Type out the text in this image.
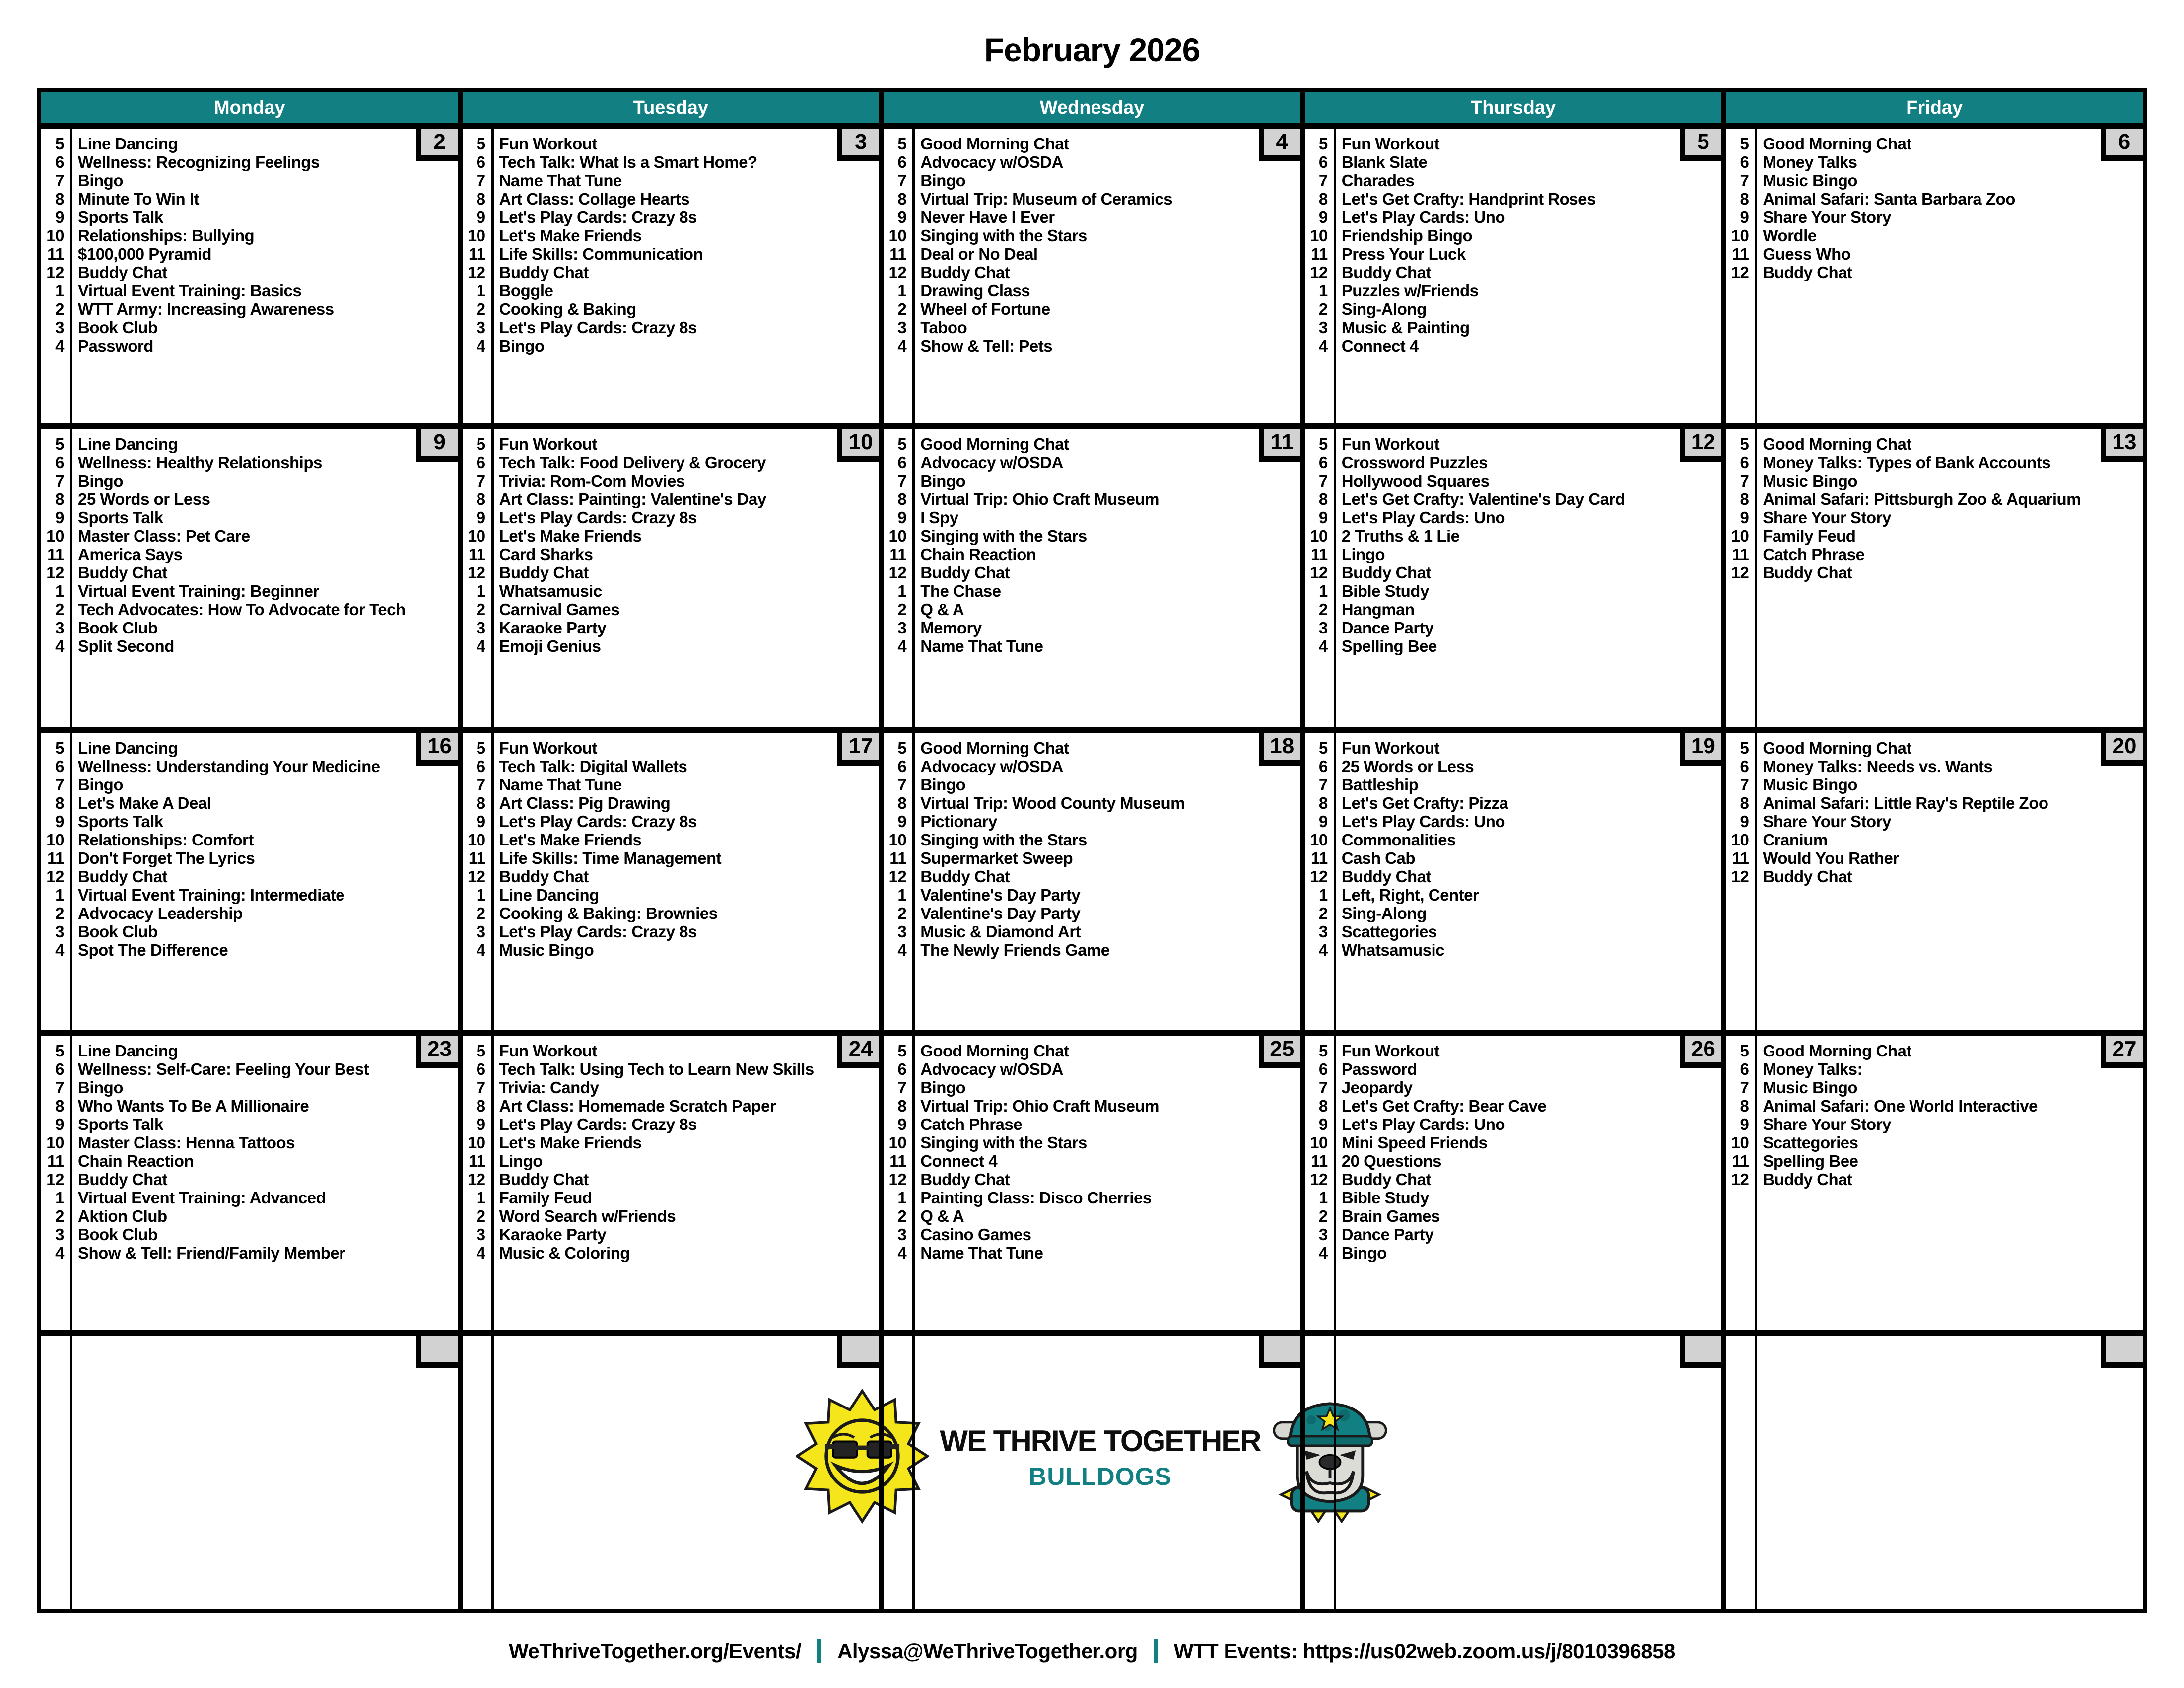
February 2026
WE THRIVE TOGETHER
BULLDOGS
Monday	Tuesday	Wednesday	Thursday	Friday
2
5 Line Dancing
6 Wellness: Recognizing Feelings
7 Bingo
8 Minute To Win It
9 Sports Talk
10 Relationships: Bullying
11 $100,000 Pyramid
12 Buddy Chat
1 Virtual Event Training: Basics
2 WTT Army: Increasing Awareness
3 Book Club
4 Password
3
5 Fun Workout
6 Tech Talk: What Is a Smart Home?
7 Name That Tune
8 Art Class: Collage Hearts
9 Let's Play Cards: Crazy 8s
10 Let's Make Friends
11 Life Skills: Communication
12 Buddy Chat
1 Boggle
2 Cooking & Baking
3 Let's Play Cards: Crazy 8s
4 Bingo
4
5 Good Morning Chat
6 Advocacy w/OSDA
7 Bingo
8 Virtual Trip: Museum of Ceramics
9 Never Have I Ever
10 Singing with the Stars
11 Deal or No Deal
12 Buddy Chat
1 Drawing Class
2 Wheel of Fortune
3 Taboo
4 Show & Tell: Pets
5
5 Fun Workout
6 Blank Slate
7 Charades
8 Let's Get Crafty: Handprint Roses
9 Let's Play Cards: Uno
10 Friendship Bingo
11 Press Your Luck
12 Buddy Chat
1 Puzzles w/Friends
2 Sing-Along
3 Music & Painting
4 Connect 4
6
5 Good Morning Chat
6 Money Talks
7 Music Bingo
8 Animal Safari: Santa Barbara Zoo
9 Share Your Story
10 Wordle
11 Guess Who
12 Buddy Chat
9
5 Line Dancing
6 Wellness: Healthy Relationships
7 Bingo
8 25 Words or Less
9 Sports Talk
10 Master Class: Pet Care
11 America Says
12 Buddy Chat
1 Virtual Event Training: Beginner
2 Tech Advocates: How To Advocate for Tech
3 Book Club
4 Split Second
10
5 Fun Workout
6 Tech Talk: Food Delivery & Grocery
7 Trivia: Rom-Com Movies
8 Art Class: Painting: Valentine's Day
9 Let's Play Cards: Crazy 8s
10 Let's Make Friends
11 Card Sharks
12 Buddy Chat
1 Whatsamusic
2 Carnival Games
3 Karaoke Party
4 Emoji Genius
11
5 Good Morning Chat
6 Advocacy w/OSDA
7 Bingo
8 Virtual Trip: Ohio Craft Museum
9 I Spy
10 Singing with the Stars
11 Chain Reaction
12 Buddy Chat
1 The Chase
2 Q & A
3 Memory
4 Name That Tune
12
5 Fun Workout
6 Crossword Puzzles
7 Hollywood Squares
8 Let's Get Crafty: Valentine's Day Card
9 Let's Play Cards: Uno
10 2 Truths & 1 Lie
11 Lingo
12 Buddy Chat
1 Bible Study
2 Hangman
3 Dance Party
4 Spelling Bee
13
5 Good Morning Chat
6 Money Talks: Types of Bank Accounts
7 Music Bingo
8 Animal Safari: Pittsburgh Zoo & Aquarium
9 Share Your Story
10 Family Feud
11 Catch Phrase
12 Buddy Chat
16
5 Line Dancing
6 Wellness: Understanding Your Medicine
7 Bingo
8 Let's Make A Deal
9 Sports Talk
10 Relationships: Comfort
11 Don't Forget The Lyrics
12 Buddy Chat
1 Virtual Event Training: Intermediate
2 Advocacy Leadership
3 Book Club
4 Spot The Difference
17
5 Fun Workout
6 Tech Talk: Digital Wallets
7 Name That Tune
8 Art Class: Pig Drawing
9 Let's Play Cards: Crazy 8s
10 Let's Make Friends
11 Life Skills: Time Management
12 Buddy Chat
1 Line Dancing
2 Cooking & Baking: Brownies
3 Let's Play Cards: Crazy 8s
4 Music Bingo
18
5 Good Morning Chat
6 Advocacy w/OSDA
7 Bingo
8 Virtual Trip: Wood County Museum
9 Pictionary
10 Singing with the Stars
11 Supermarket Sweep
12 Buddy Chat
1 Valentine's Day Party
2 Valentine's Day Party
3 Music & Diamond Art
4 The Newly Friends Game
19
5 Fun Workout
6 25 Words or Less
7 Battleship
8 Let's Get Crafty: Pizza
9 Let's Play Cards: Uno
10 Commonalities
11 Cash Cab
12 Buddy Chat
1 Left, Right, Center
2 Sing-Along
3 Scattegories
4 Whatsamusic
20
5 Good Morning Chat
6 Money Talks: Needs vs. Wants
7 Music Bingo
8 Animal Safari: Little Ray's Reptile Zoo
9 Share Your Story
10 Cranium
11 Would You Rather
12 Buddy Chat
23
5 Line Dancing
6 Wellness: Self-Care: Feeling Your Best
7 Bingo
8 Who Wants To Be A Millionaire
9 Sports Talk
10 Master Class: Henna Tattoos
11 Chain Reaction
12 Buddy Chat
1 Virtual Event Training: Advanced
2 Aktion Club
3 Book Club
4 Show & Tell: Friend/Family Member
24
5 Fun Workout
6 Tech Talk: Using Tech to Learn New Skills
7 Trivia: Candy
8 Art Class: Homemade Scratch Paper
9 Let's Play Cards: Crazy 8s
10 Let's Make Friends
11 Lingo
12 Buddy Chat
1 Family Feud
2 Word Search w/Friends
3 Karaoke Party
4 Music & Coloring
25
5 Good Morning Chat
6 Advocacy w/OSDA
7 Bingo
8 Virtual Trip: Ohio Craft Museum
9 Catch Phrase
10 Singing with the Stars
11 Connect 4
12 Buddy Chat
1 Painting Class: Disco Cherries
2 Q & A
3 Casino Games
4 Name That Tune
26
5 Fun Workout
6 Password
7 Jeopardy
8 Let's Get Crafty: Bear Cave
9 Let's Play Cards: Uno
10 Mini Speed Friends
11 20 Questions
12 Buddy Chat
1 Bible Study
2 Brain Games
3 Dance Party
4 Bingo
27
5 Good Morning Chat
6 Money Talks:
7 Music Bingo
8 Animal Safari: One World Interactive
9 Share Your Story
10 Scattegories
11 Spelling Bee
12 Buddy Chat
WeThriveTogether.org/Events/ Alyssa@WeThriveTogether.org WTT Events: https://us02web.zoom.us/j/8010396858
